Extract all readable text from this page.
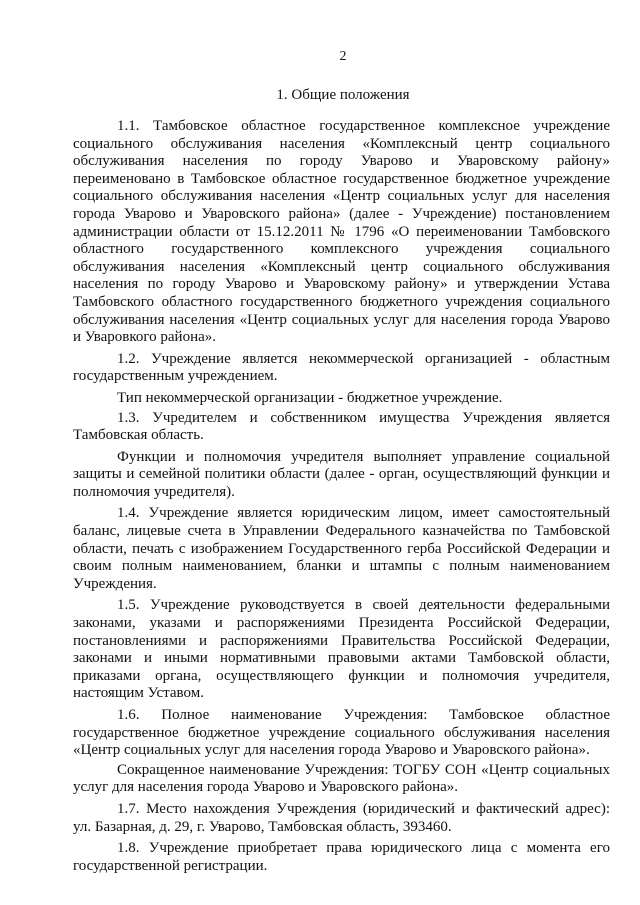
2
1. Общие положения

1.1. Тамбовское областное государственное комплексное учреждение социального обслуживания населения «Комплексный центр социального обслуживания населения по городу Уварово и Уваровскому району» переименовано в Тамбовское областное государственное бюджетное учреждение социального обслуживания населения «Центр социальных услуг для населения города Уварово и Уваровского района» (далее - Учреждение) постановлением администрации области от 15.12.2011 № 1796 «О переименовании Тамбовского областного государственного комплексного учреждения социального обслуживания населения «Комплексный центр социального обслуживания населения по городу Уварово и Уваровскому району» и утверждении Устава Тамбовского областного государственного бюджетного учреждения социального обслуживания населения «Центр социальных услуг для населения города Уварово и Уваровкого района».

1.2. Учреждение является некоммерческой организацией - областным государственным учреждением.

Тип некоммерческой организации - бюджетное учреждение.

1.3. Учредителем и собственником имущества Учреждения является Тамбовская область.

Функции и полномочия учредителя выполняет управление социальной защиты и семейной политики области (далее - орган, осуществляющий функции и полномочия учредителя).

1.4. Учреждение является юридическим лицом, имеет самостоятельный баланс, лицевые счета в Управлении Федерального казначейства по Тамбовской области, печать с изображением Государственного герба Российской Федерации и своим полным наименованием, бланки и штампы с полным наименованием Учреждения.

1.5. Учреждение руководствуется в своей деятельности федеральными законами, указами и распоряжениями Президента Российской Федерации, постановлениями и распоряжениями Правительства Российской Федерации, законами и иными нормативными правовыми актами Тамбовской области, приказами органа, осуществляющего функции и полномочия учредителя, настоящим Уставом.

1.6. Полное наименование Учреждения: Тамбовское областное государственное бюджетное учреждение социального обслуживания населения «Центр социальных услуг для населения города Уварово и Уваровского района».

Сокращенное наименование Учреждения: ТОГБУ СОН «Центр социальных услуг для населения города Уварово и Уваровского района».

1.7. Место нахождения Учреждения (юридический и фактический адрес): ул. Базарная, д. 29, г. Уварово, Тамбовская область, 393460.

1.8. Учреждение приобретает права юридического лица с момента его государственной регистрации.
